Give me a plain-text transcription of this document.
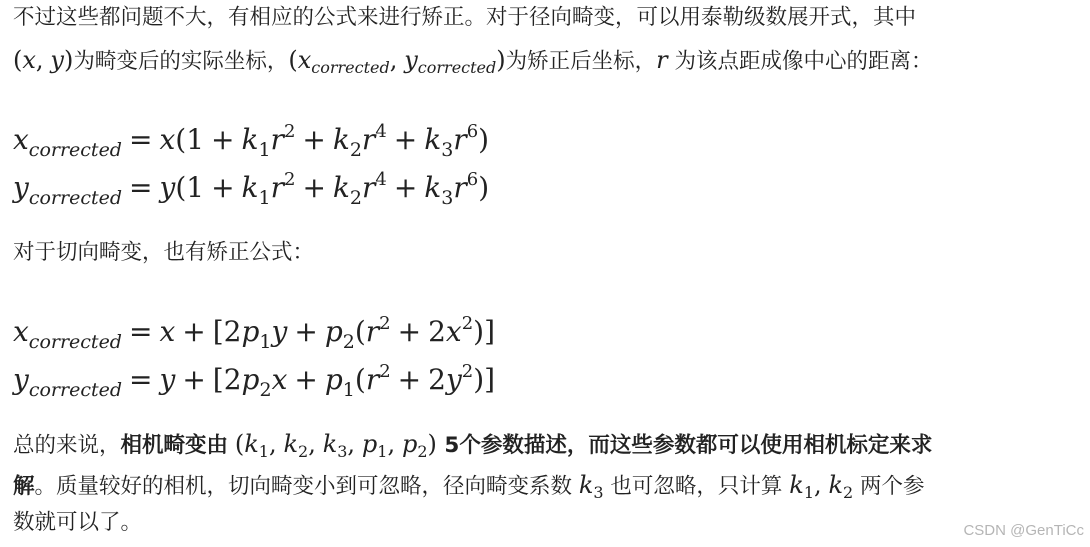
不过这些都问题不大，有相应的公式来进行矫正。对于径向畸变，可以用泰勒级数展开式，其中
(x, y)为畸变后的实际坐标，($x_{corrected}$, $y_{corrected}$)为矫正后坐标，r 为该点距成像中心的距离：
$x_{corrected} = x(1 + k_1r^2 + k_2r^4 + k_3r^6)$
$y_{corrected} = y(1 + k_1r^2 + k_2r^4 + k_3r^6)$
对于切向畸变，也有矫正公式：
$x_{corrected} = x + [2p_1y + p_2(r^2 + 2x^2)]$
$y_{corrected} = y + [2p_2x + p_1(r^2 + 2y^2)]$
总的来说，相机畸变由 ($k_1$, $k_2$, $k_3$, $p_1$, $p_2$) 5个参数描述，而这些参数都可以使用相机标定来求
解。质量较好的相机，切向畸变小到可忽略，径向畸变系数 $k_3$ 也可忽略，只计算 $k_1$, $k_2$ 两个参
数就可以了。	CSDN @GenTiCc
